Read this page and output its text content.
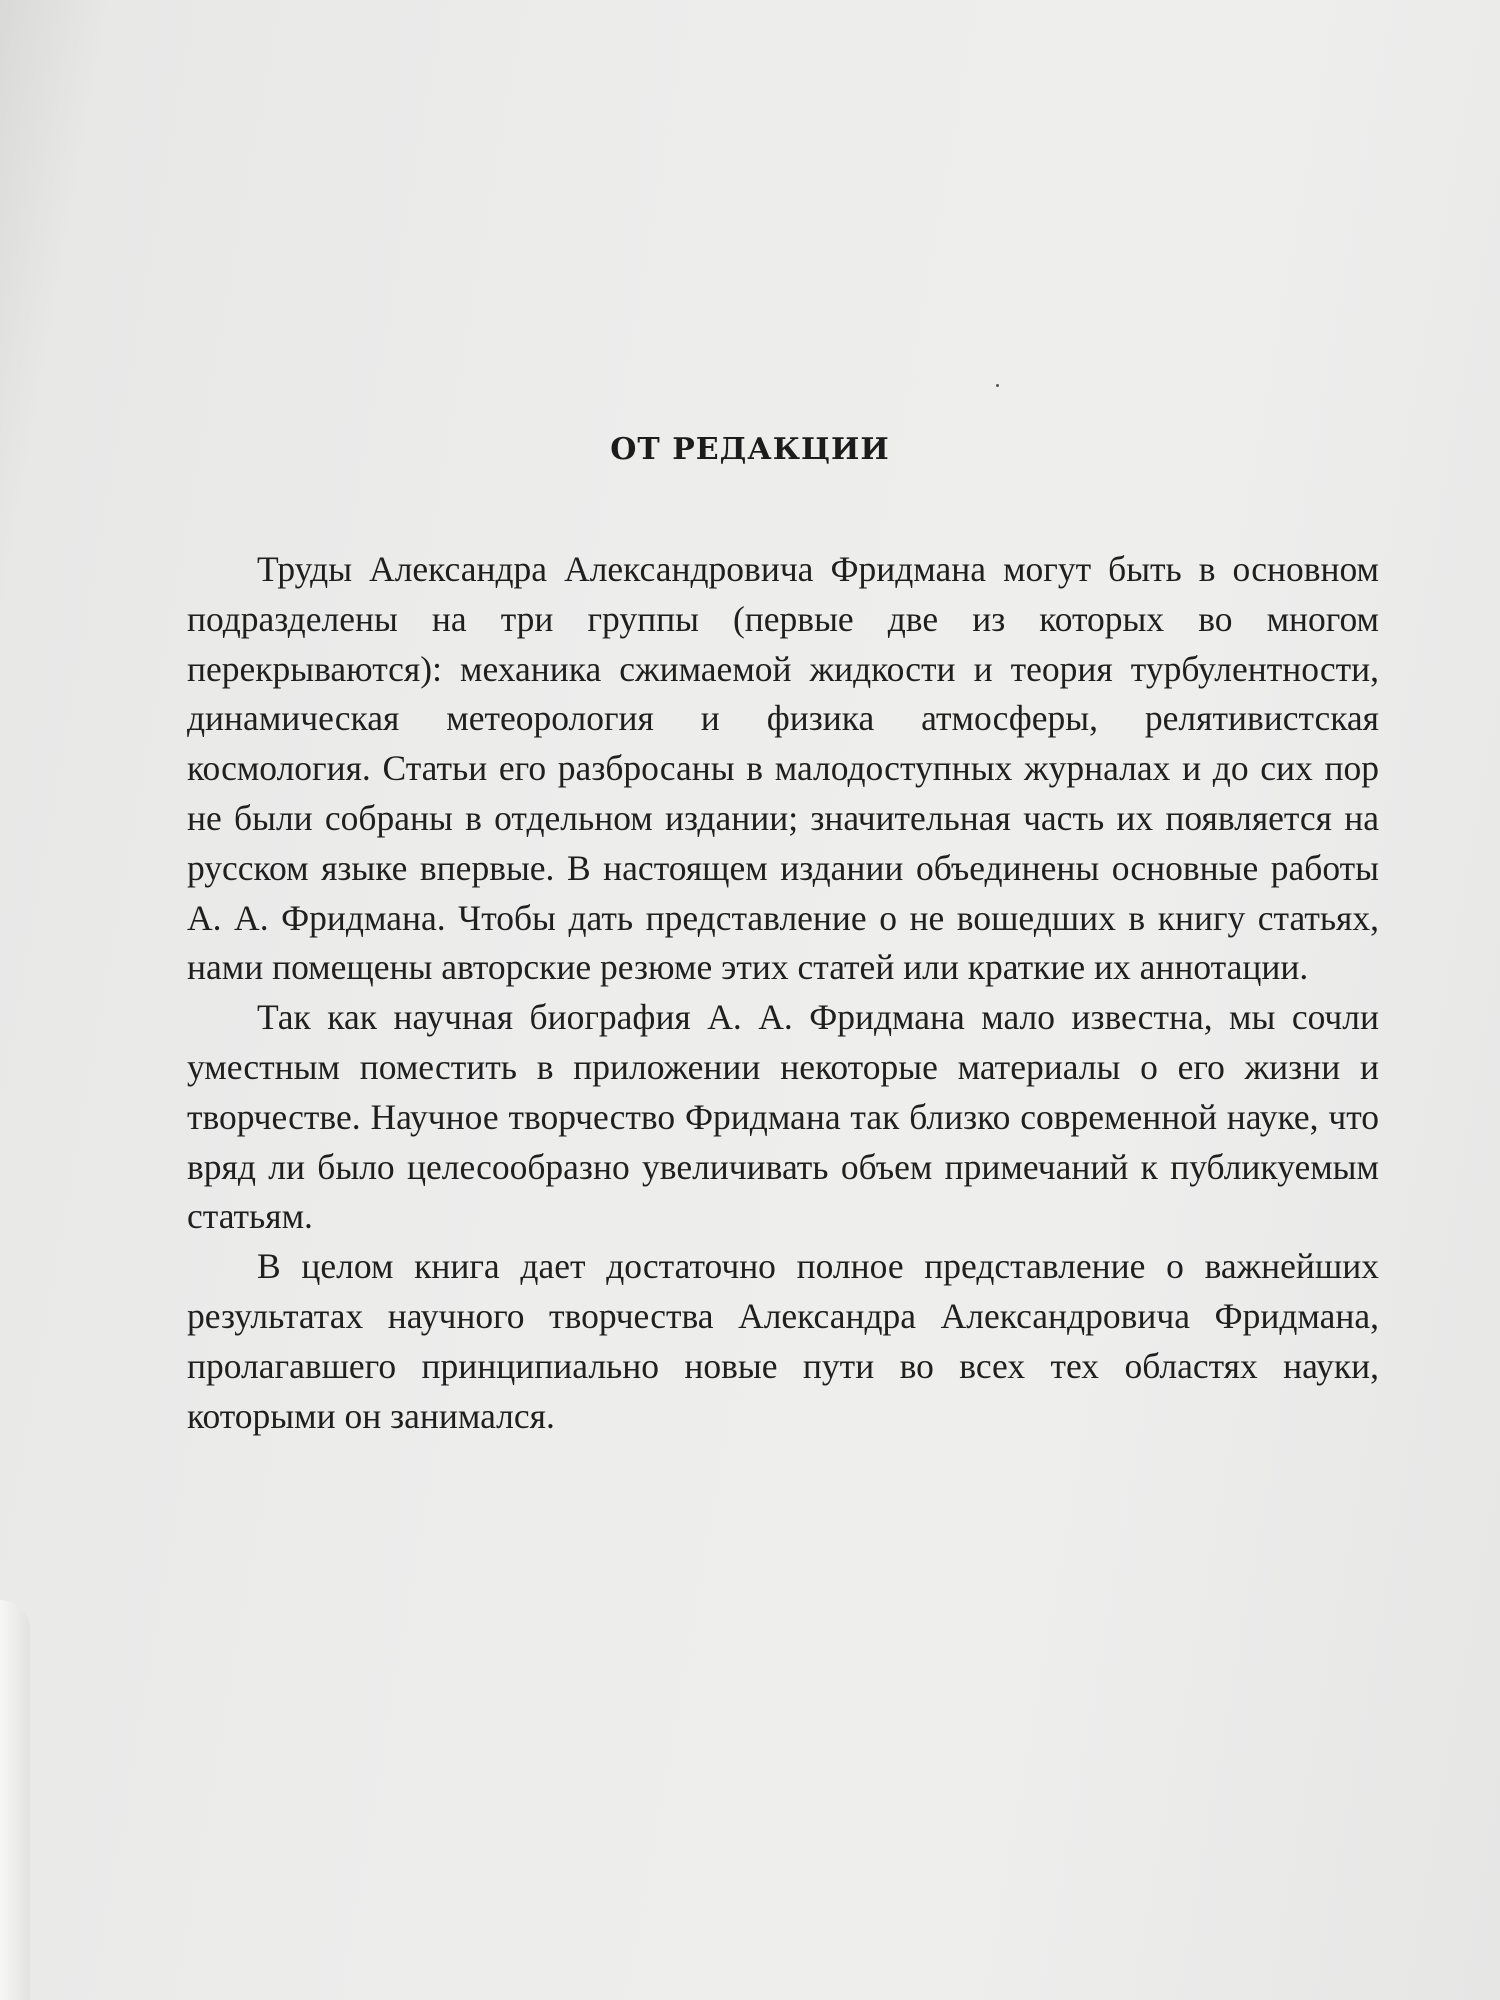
ОТ РЕДАКЦИИ

Труды Александра Александровича Фридмана могут быть в основном подразделены на три группы (первые две из которых во многом перекрываются): механика сжимаемой жидкости и теория турбулентности, динамическая метеорология и физика атмосферы, релятивистская космология. Статьи его разбросаны в малодоступных журналах и до сих пор не были собраны в отдельном издании; значительная часть их появляется на русском языке впервые. В настоящем издании объединены основные работы А. А. Фридмана. Чтобы дать представление о не вошедших в книгу статьях, нами помещены авторские резюме этих статей или краткие их аннотации.

Так как научная биография А. А. Фридмана мало известна, мы сочли уместным поместить в приложении некоторые материалы о его жизни и творчестве. Научное творчество Фридмана так близко современной науке, что вряд ли было целесообразно увеличивать объем примечаний к публикуемым статьям.

В целом книга дает достаточно полное представление о важнейших результатах научного творчества Александра Александровича Фридмана, пролагавшего принципиально новые пути во всех тех областях науки, которыми он занимался.
